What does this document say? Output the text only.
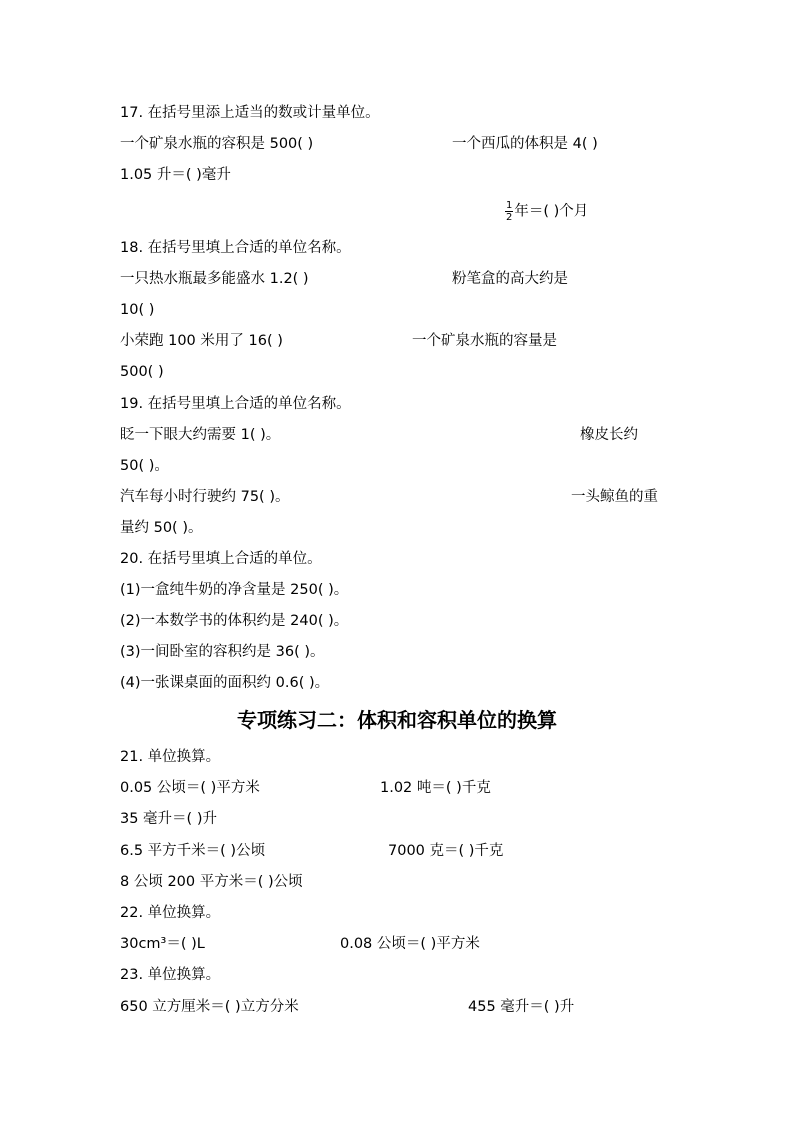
17. 在括号里添上适当的数或计量单位。
一个矿泉水瓶的容积是 500( )	一个西瓜的体积是 4( )
1.05 升＝( )毫升
$\frac{1}{2}$ 年＝( )个月
18. 在括号里填上合适的单位名称。
一只热水瓶最多能盛水 1.2( )	粉笔盒的高大约是
10( )
小荣跑 100 米用了 16( )	一个矿泉水瓶的容量是
500( )
19. 在括号里填上合适的单位名称。
眨一下眼大约需要 1( )。	橡皮长约
50( )。
汽车每小时行驶约 75( )。	一头鲸鱼的重
量约 50( )。
20. 在括号里填上合适的单位。
(1)一盒纯牛奶的净含量是 250( )。
(2)一本数学书的体积约是 240( )。
(3)一间卧室的容积约是 36( )。
(4)一张课桌面的面积约 0.6( )。
专项练习二：体积和容积单位的换算
21. 单位换算。
0.05 公顷＝( )平方米	1.02 吨＝( )千克
35 毫升＝( )升
6.5 平方千米＝( )公顷	7000 克＝( )千克
8 公顷 200 平方米＝( )公顷
22. 单位换算。
30cm³＝( )L	0.08 公顷＝( )平方米
23. 单位换算。
650 立方厘米＝( )立方分米	455 毫升＝( )升
